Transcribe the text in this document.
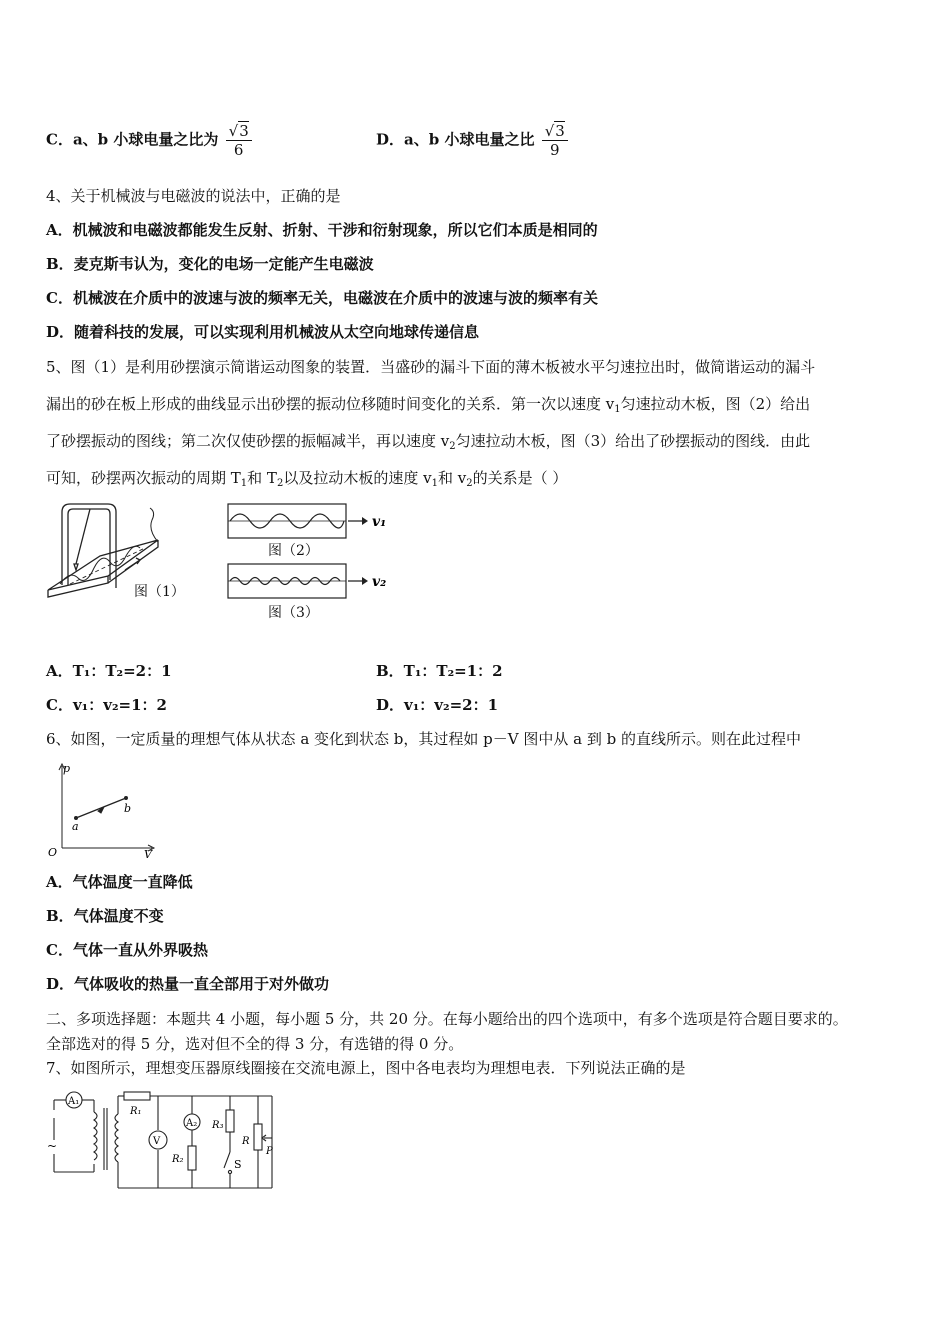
C．a、b 小球电量之比为 $\frac{√3}{6}$	D．a、b 小球电量之比 $\frac{√3}{9}$
4、关于机械波与电磁波的说法中，正确的是
A．机械波和电磁波都能发生反射、折射、干涉和衍射现象，所以它们本质是相同的
B．麦克斯韦认为，变化的电场一定能产生电磁波
C．机械波在介质中的波速与波的频率无关，电磁波在介质中的波速与波的频率有关
D．随着科技的发展，可以实现利用机械波从太空向地球传递信息
5、图（1）是利用砂摆演示简谐运动图象的装置．当盛砂的漏斗下面的薄木板被水平匀速拉出时，做简谐运动的漏斗
漏出的砂在板上形成的曲线显示出砂摆的振动位移随时间变化的关系．第一次以速度 $v_1$匀速拉动木板，图（2）给出
了砂摆振动的图线；第二次仅使砂摆的振幅减半，再以速度 $v_2$匀速拉动木板，图（3）给出了砂摆振动的图线．由此
可知，砂摆两次振动的周期 $T_1$和 $T_2$以及拉动木板的速度 $v_1$和 $v_2$的关系是（ ）
图（1）
v₁
图（2）
v₂
图（3）
A．T₁：T₂=2：1	B．T₁：T₂=1：2
C．v₁：v₂=1：2	D．v₁：v₂=2：1
6、如图，一定质量的理想气体从状态 a 变化到状态 b，其过程如 p－V 图中从 a 到 b 的直线所示。则在此过程中
p
V
O
a
b
A．气体温度一直降低
B．气体温度不变
C．气体一直从外界吸热
D．气体吸收的热量一直全部用于对外做功
二、多项选择题：本题共 4 小题，每小题 5 分，共 20 分。在每小题给出的四个选项中，有多个选项是符合题目要求的。
全部选对的得 5 分，选对但不全的得 3 分，有选错的得 0 分。
7、如图所示，理想变压器原线圈接在交流电源上，图中各电表均为理想电表．下列说法正确的是
~
A₁
R₁
V
A₂
R₂
R₃
S
R
P
